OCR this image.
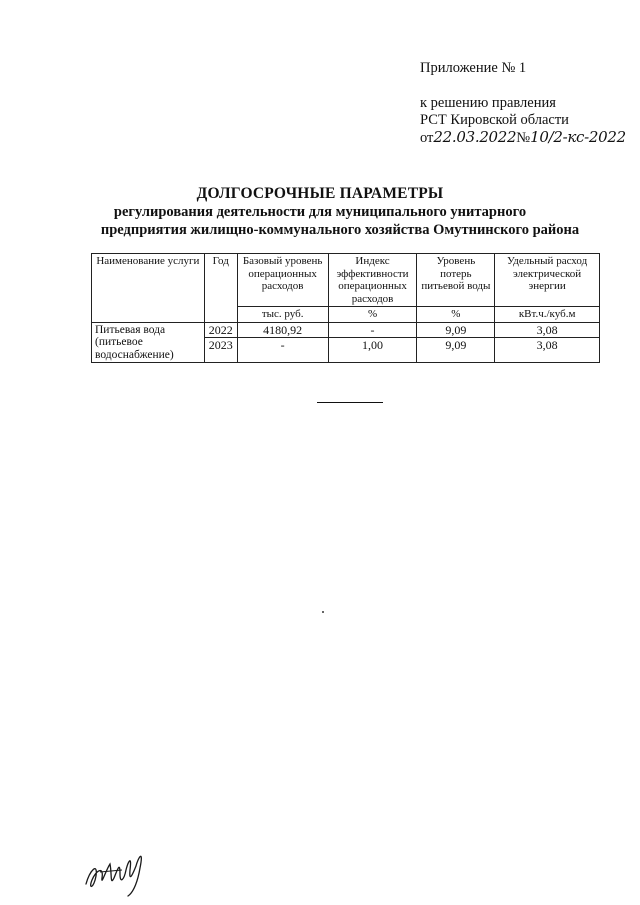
Приложение № 1
к решению правления
РСТ Кировской области
от22.03.2022№10/2-кс-2022
ДОЛГОСРОЧНЫЕ ПАРАМЕТРЫ
регулирования деятельности для муниципального унитарного
предприятия жилищно-коммунального хозяйства Омутнинского района
Наименование услуги	Год	Базовый уровень операционных расходов	Индекс эффективности операционных расходов	Уровень потерь питьевой воды	Удельный расход электрической энергии
		тыс. руб.	%	%	кВт.ч./куб.м
Питьевая вода (питьевое водоснабжение)	2022	4180,92	-	9,09	3,08
	2023	-	1,00	9,09	3,08
